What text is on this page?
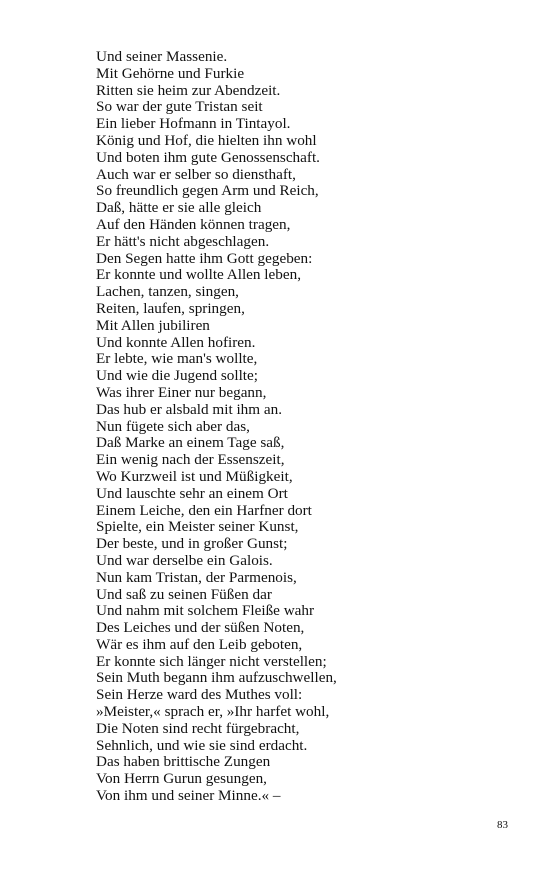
Und seiner Massenie.
Mit Gehörne und Furkie
Ritten sie heim zur Abendzeit.
So war der gute Tristan seit
Ein lieber Hofmann in Tintayol.
König und Hof, die hielten ihn wohl
Und boten ihm gute Genossenschaft.
Auch war er selber so diensthaft,
So freundlich gegen Arm und Reich,
Daß, hätte er sie alle gleich
Auf den Händen können tragen,
Er hätt's nicht abgeschlagen.
Den Segen hatte ihm Gott gegeben:
Er konnte und wollte Allen leben,
Lachen, tanzen, singen,
Reiten, laufen, springen,
Mit Allen jubiliren
Und konnte Allen hofiren.
Er lebte, wie man's wollte,
Und wie die Jugend sollte;
Was ihrer Einer nur begann,
Das hub er alsbald mit ihm an.
Nun fügete sich aber das,
Daß Marke an einem Tage saß,
Ein wenig nach der Essenszeit,
Wo Kurzweil ist und Müßigkeit,
Und lauschte sehr an einem Ort
Einem Leiche, den ein Harfner dort
Spielte, ein Meister seiner Kunst,
Der beste, und in großer Gunst;
Und war derselbe ein Galois.
Nun kam Tristan, der Parmenois,
Und saß zu seinen Füßen dar
Und nahm mit solchem Fleiße wahr
Des Leiches und der süßen Noten,
Wär es ihm auf den Leib geboten,
Er konnte sich länger nicht verstellen;
Sein Muth begann ihm aufzuschwellen,
Sein Herze ward des Muthes voll:
»Meister,« sprach er, »Ihr harfet wohl,
Die Noten sind recht fürgebracht,
Sehnlich, und wie sie sind erdacht.
Das haben brittische Zungen
Von Herrn Gurun gesungen,
Von ihm und seiner Minne.« –
83
